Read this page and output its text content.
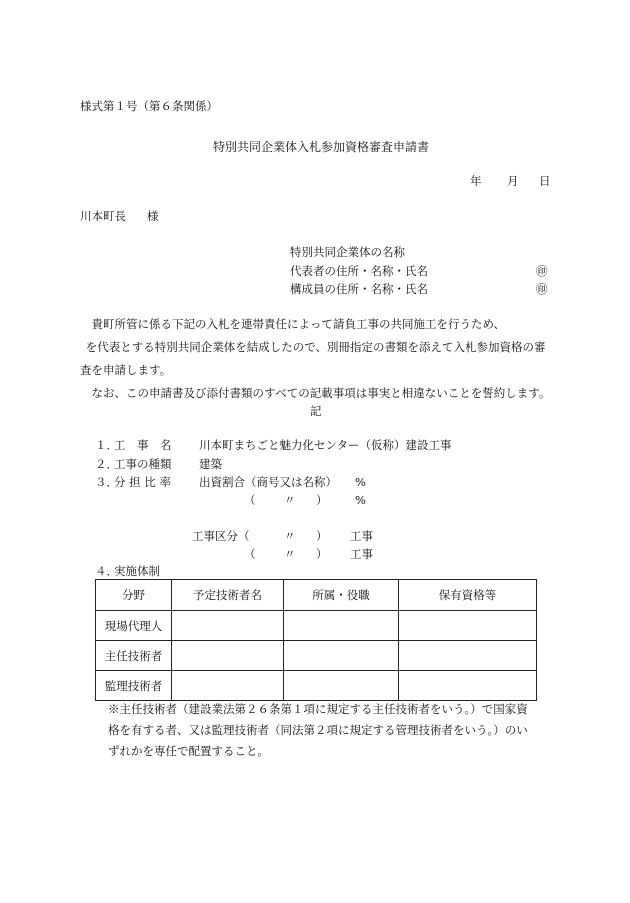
様式第１号（第６条関係）
特別共同企業体入札参加資格審査申請書
年 月 日
川本町長 様
特別共同企業体の名称
代表者の住所・名称・氏名	㊞
構成員の住所・名称・氏名	㊞

　貴町所管に係る下記の入札を連帯責任によって請負工事の共同施工を行うため、

　を代表とする特別共同企業体を結成したので、別冊指定の書類を添えて入札参加資格の審査を申請します。

　なお、この申請書及び添付書類のすべての記載事項は事実と相違ないことを誓約します。

記
１．
工　事　名 川本町まちごと魅力化センター（仮称）建設工事
２．
工事の種類 建築
３．
分 担 比 率 出資割合（商号又は名称） %
（ 〃 ） %
工事区分（	〃 ） 工事
（ 〃 ） 工事
４．
実施体制
分野	予定技術者名	所属・役職	保有資格等
現場代理人			
主任技術者			
監理技術者			

※主任技術者（建設業法第２６条第１項に規定する主任技術者をいう。）で国家資

格を有する者、又は監理技術者（同法第２項に規定する管理技術者をいう。）のい

ずれかを専任で配置すること。
